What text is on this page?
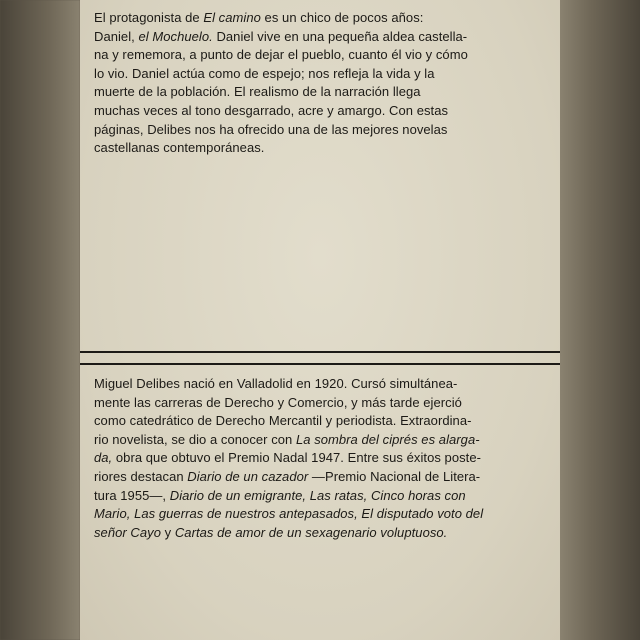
El protagonista de El camino es un chico de pocos años:
Daniel, el Mochuelo. Daniel vive en una pequeña aldea castella-
na y rememora, a punto de dejar el pueblo, cuanto él vio y cómo
lo vio. Daniel actúa como de espejo; nos refleja la vida y la
muerte de la población. El realismo de la narración llega
muchas veces al tono desgarrado, acre y amargo. Con estas
páginas, Delibes nos ha ofrecido una de las mejores novelas
castellanas contemporáneas.

Miguel Delibes nació en Valladolid en 1920. Cursó simultánea-
mente las carreras de Derecho y Comercio, y más tarde ejerció
como catedrático de Derecho Mercantil y periodista. Extraordina-
rio novelista, se dio a conocer con La sombra del ciprés es alarga-
da, obra que obtuvo el Premio Nadal 1947. Entre sus éxitos poste-
riores destacan Diario de un cazador —Premio Nacional de Litera-
tura 1955—, Diario de un emigrante, Las ratas, Cinco horas con
Mario, Las guerras de nuestros antepasados, El disputado voto del
señor Cayo y Cartas de amor de un sexagenario voluptuoso.
